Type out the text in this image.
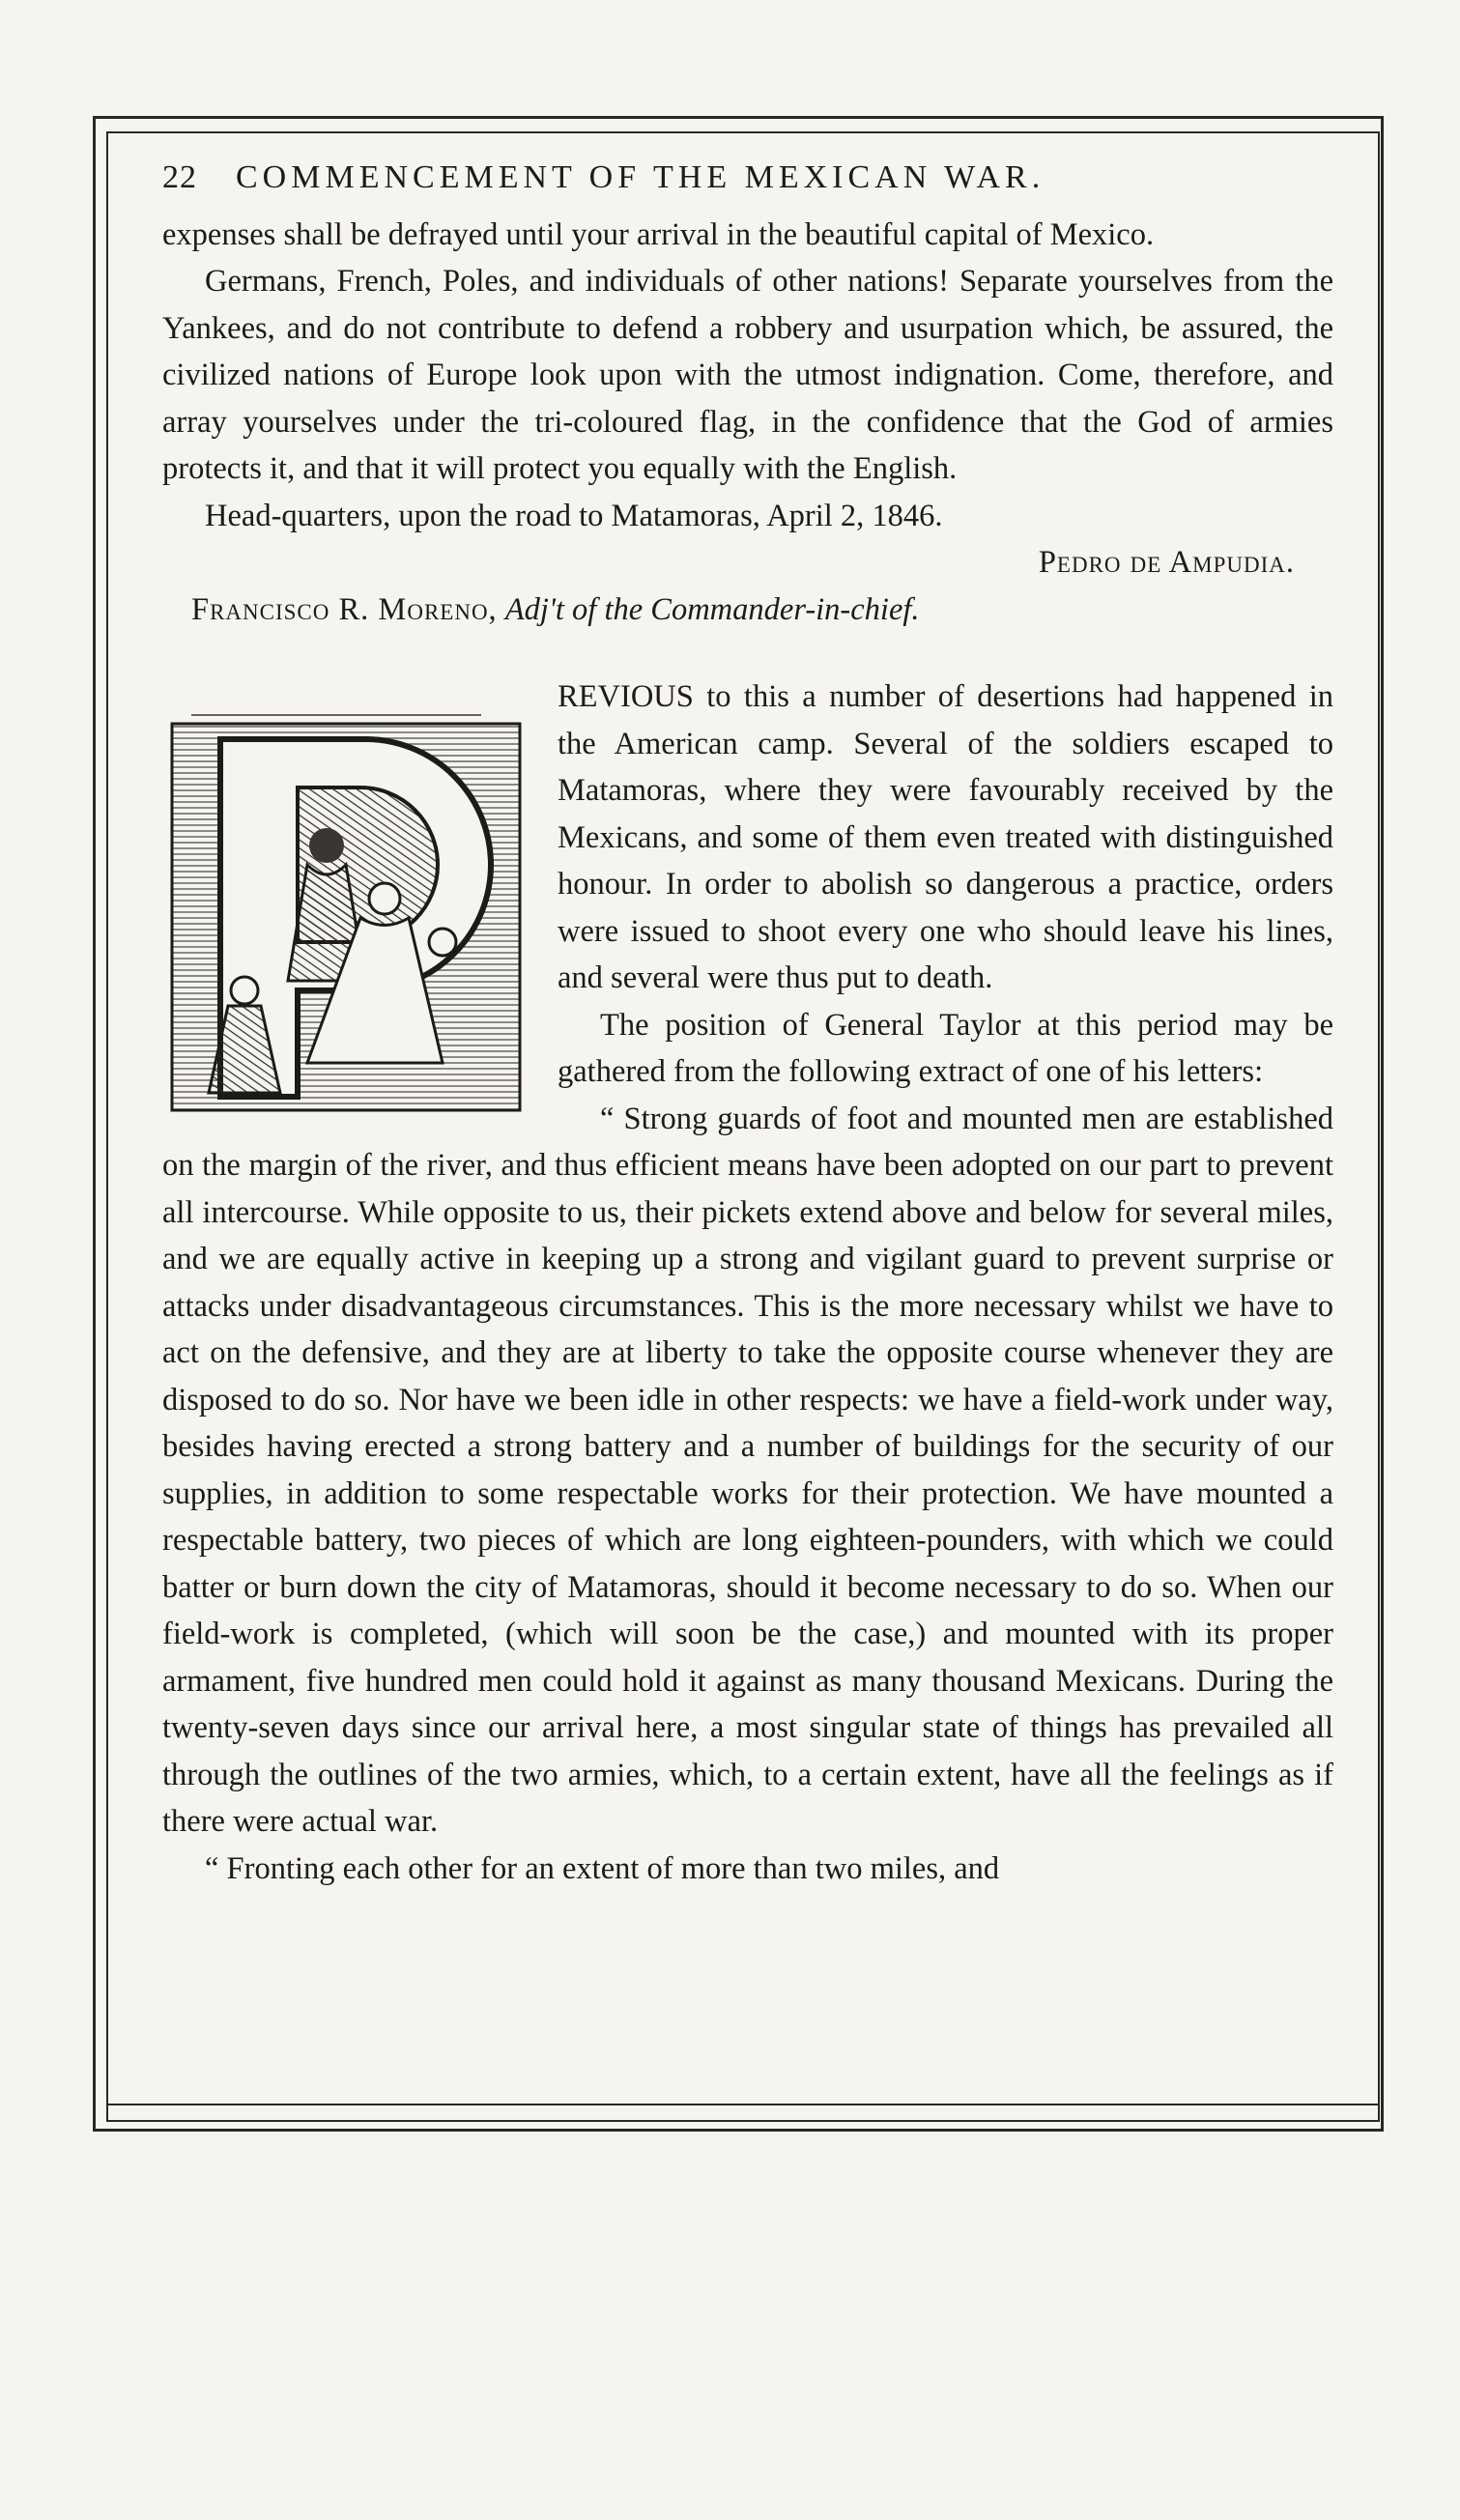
22 COMMENCEMENT OF THE MEXICAN WAR.

expenses shall be defrayed until your arrival in the beautiful capital of Mexico.

Germans, French, Poles, and individuals of other nations! Separate yourselves from the Yankees, and do not contribute to defend a robbery and usurpation which, be assured, the civilized nations of Europe look upon with the utmost indignation. Come, therefore, and array yourselves under the tri-coloured flag, in the confidence that the God of armies protects it, and that it will protect you equally with the English.

Head-quarters, upon the road to Matamoras, April 2, 1846.

Pedro de Ampudia.

Francisco R. Moreno, Adj't of the Commander-in-chief.

REVIOUS to this a number of desertions had happened in the American camp. Several of the soldiers escaped to Matamoras, where they were favourably received by the Mexicans, and some of them even treated with distinguished honour. In order to abolish so dangerous a practice, orders were issued to shoot every one who should leave his lines, and several were thus put to death.

The position of General Taylor at this period may be gathered from the following extract of one of his letters:

“ Strong guards of foot and mounted men are established on the margin of the river, and thus efficient means have been adopted on our part to prevent all intercourse. While opposite to us, their pickets extend above and below for several miles, and we are equally active in keeping up a strong and vigilant guard to prevent surprise or attacks under disadvantageous circumstances. This is the more necessary whilst we have to act on the defensive, and they are at liberty to take the opposite course whenever they are disposed to do so. Nor have we been idle in other respects: we have a field-work under way, besides having erected a strong battery and a number of buildings for the security of our supplies, in addition to some respectable works for their protection. We have mounted a respectable battery, two pieces of which are long eighteen-pounders, with which we could batter or burn down the city of Matamoras, should it become necessary to do so. When our field-work is completed, (which will soon be the case,) and mounted with its proper armament, five hundred men could hold it against as many thousand Mexicans. During the twenty-seven days since our arrival here, a most singular state of things has prevailed all through the outlines of the two armies, which, to a certain extent, have all the feelings as if there were actual war.

“ Fronting each other for an extent of more than two miles, and
